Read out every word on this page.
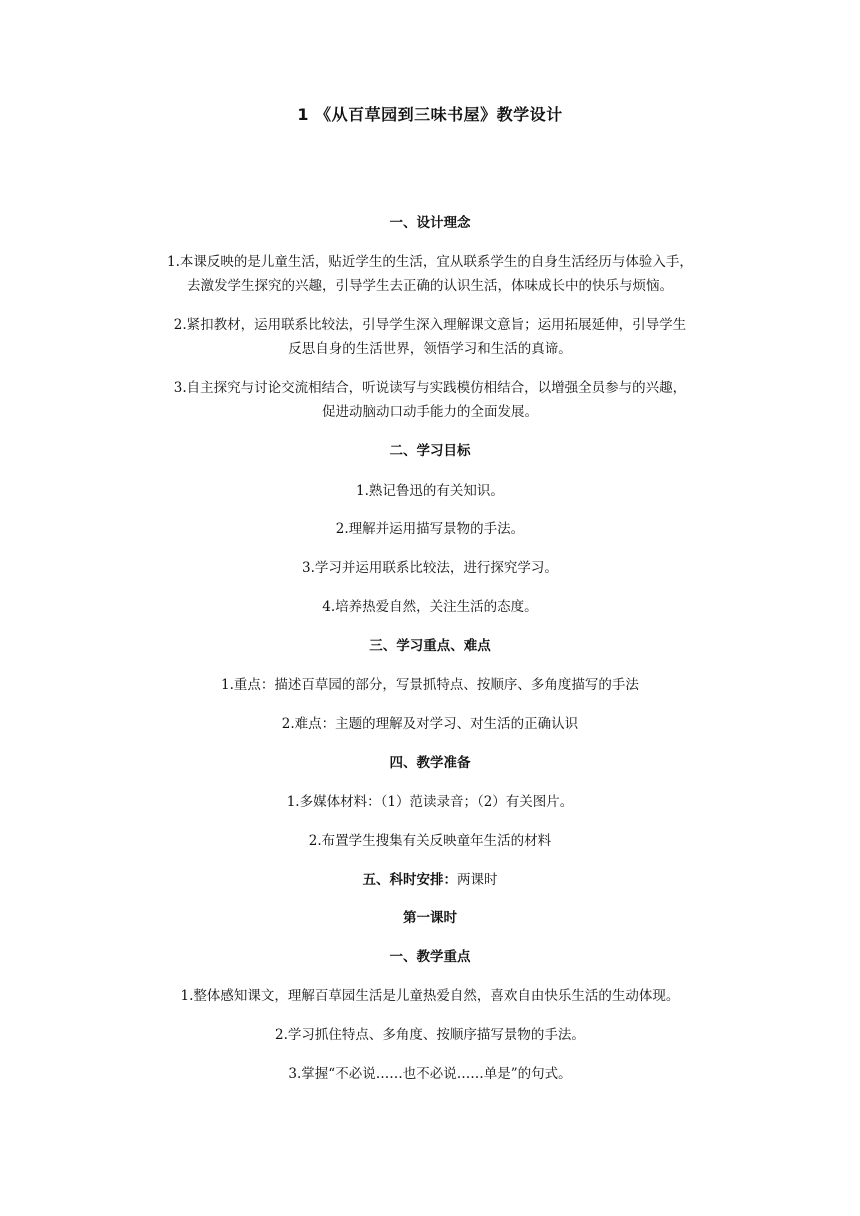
1 《从百草园到三味书屋》教学设计
一、设计理念
1.本课反映的是儿童生活，贴近学生的生活，宜从联系学生的自身生活经历与体验入手，
去激发学生探究的兴趣，引导学生去正确的认识生活，体味成长中的快乐与烦恼。
2.紧扣教材，运用联系比较法，引导学生深入理解课文意旨；运用拓展延伸，引导学生
反思自身的生活世界，领悟学习和生活的真谛。
3.自主探究与讨论交流相结合，听说读写与实践模仿相结合，以增强全员参与的兴趣，
促进动脑动口动手能力的全面发展。
二、学习目标
1.熟记鲁迅的有关知识。
2.理解并运用描写景物的手法。
3.学习并运用联系比较法，进行探究学习。
4.培养热爱自然，关注生活的态度。
三、学习重点、难点
1.重点：描述百草园的部分，写景抓特点、按顺序、多角度描写的手法
2.难点：主题的理解及对学习、对生活的正确认识
四、教学准备
1.多媒体材料：（1）范读录音；（2）有关图片。
2.布置学生搜集有关反映童年生活的材料
五、科时安排：两课时
第一课时
一、教学重点
1.整体感知课文，理解百草园生活是儿童热爱自然，喜欢自由快乐生活的生动体现。
2.学习抓住特点、多角度、按顺序描写景物的手法。
3.掌握“不必说……也不必说……单是”的句式。
